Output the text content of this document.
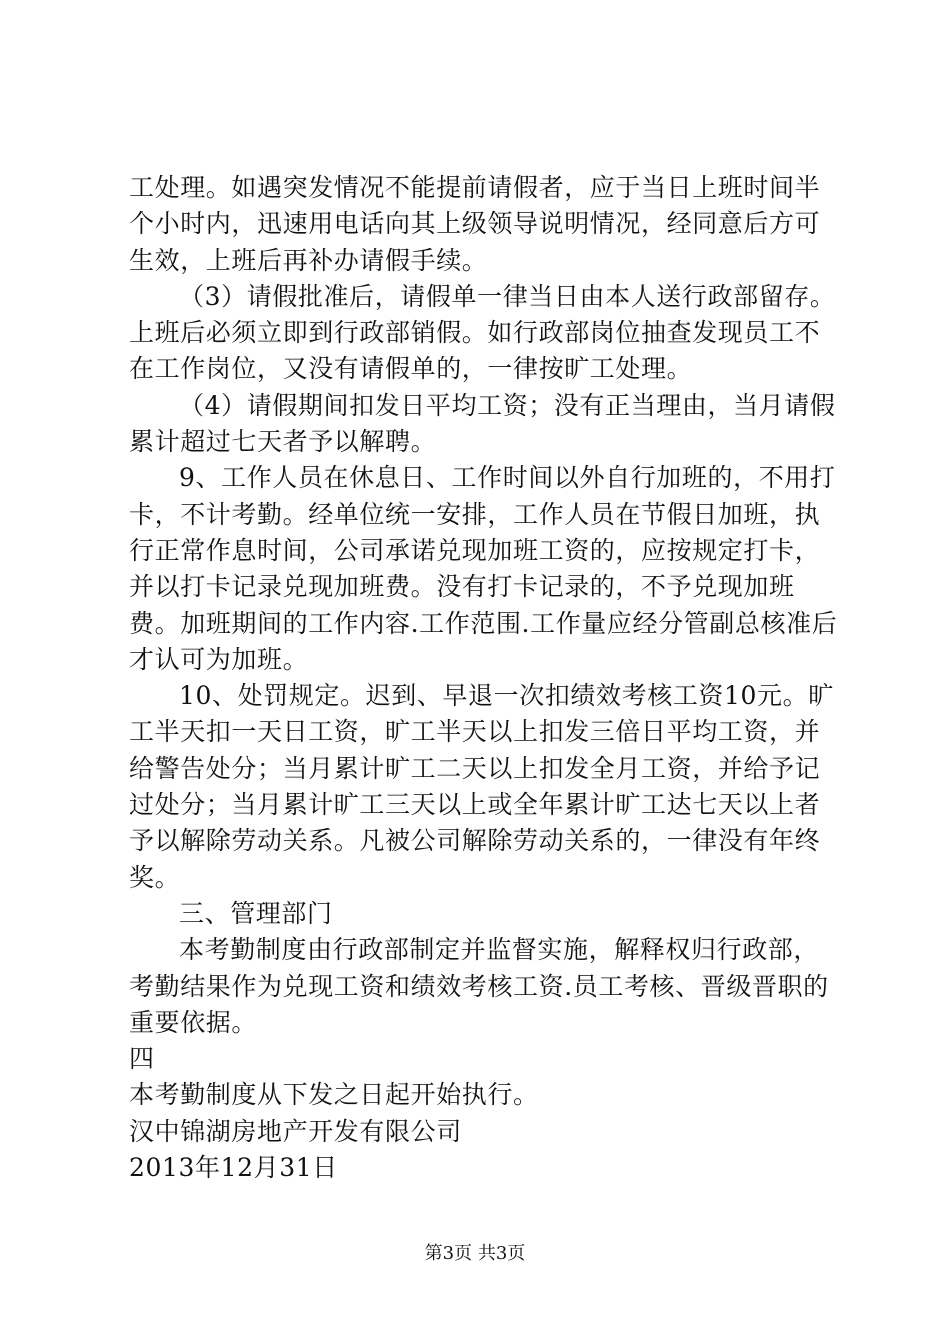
工处理。如遇突发情况不能提前请假者，应于当日上班时间半个小时内，迅速用电话向其上级领导说明情况，经同意后方可生效，上班后再补办请假手续。

（3）请假批准后，请假单一律当日由本人送行政部留存。上班后必须立即到行政部销假。如行政部岗位抽查发现员工不在工作岗位，又没有请假单的，一律按旷工处理。

（4）请假期间扣发日平均工资；没有正当理由，当月请假累计超过七天者予以解聘。

9、工作人员在休息日、工作时间以外自行加班的，不用打卡，不计考勤。经单位统一安排，工作人员在节假日加班，执行正常作息时间，公司承诺兑现加班工资的，应按规定打卡，并以打卡记录兑现加班费。没有打卡记录的，不予兑现加班费。加班期间的工作内容.工作范围.工作量应经分管副总核准后才认可为加班。

10、处罚规定。迟到、早退一次扣绩效考核工资10元。旷工半天扣一天日工资，旷工半天以上扣发三倍日平均工资，并给警告处分；当月累计旷工二天以上扣发全月工资，并给予记过处分；当月累计旷工三天以上或全年累计旷工达七天以上者予以解除劳动关系。凡被公司解除劳动关系的，一律没有年终奖。

三、管理部门

本考勤制度由行政部制定并监督实施，解释权归行政部，考勤结果作为兑现工资和绩效考核工资.员工考核、晋级晋职的重要依据。

四

本考勤制度从下发之日起开始执行。

汉中锦湖房地产开发有限公司

2013年12月31日

第3页 共3页
